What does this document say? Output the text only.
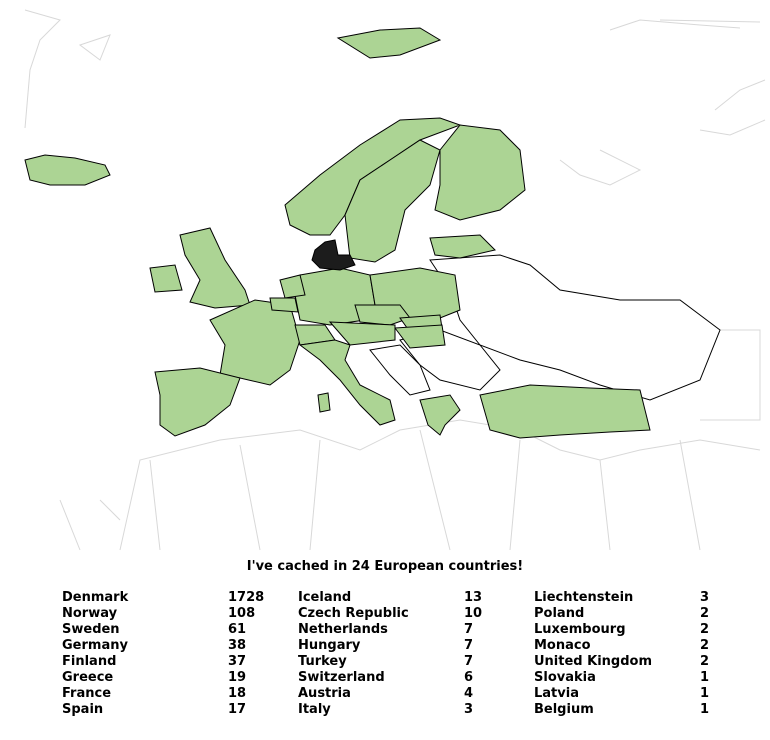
I've cached in 24 European countries!
Denmark	1728
Norway	108
Sweden	61
Germany	38
Finland	37
Greece	19
France	18
Spain	17
Iceland	13
Czech Republic	10
Netherlands	7
Hungary	7
Turkey	7
Switzerland	6
Austria	4
Italy	3
Liechtenstein	3
Poland	2
Luxembourg	2
Monaco	2
United Kingdom	2
Slovakia	1
Latvia	1
Belgium	1
